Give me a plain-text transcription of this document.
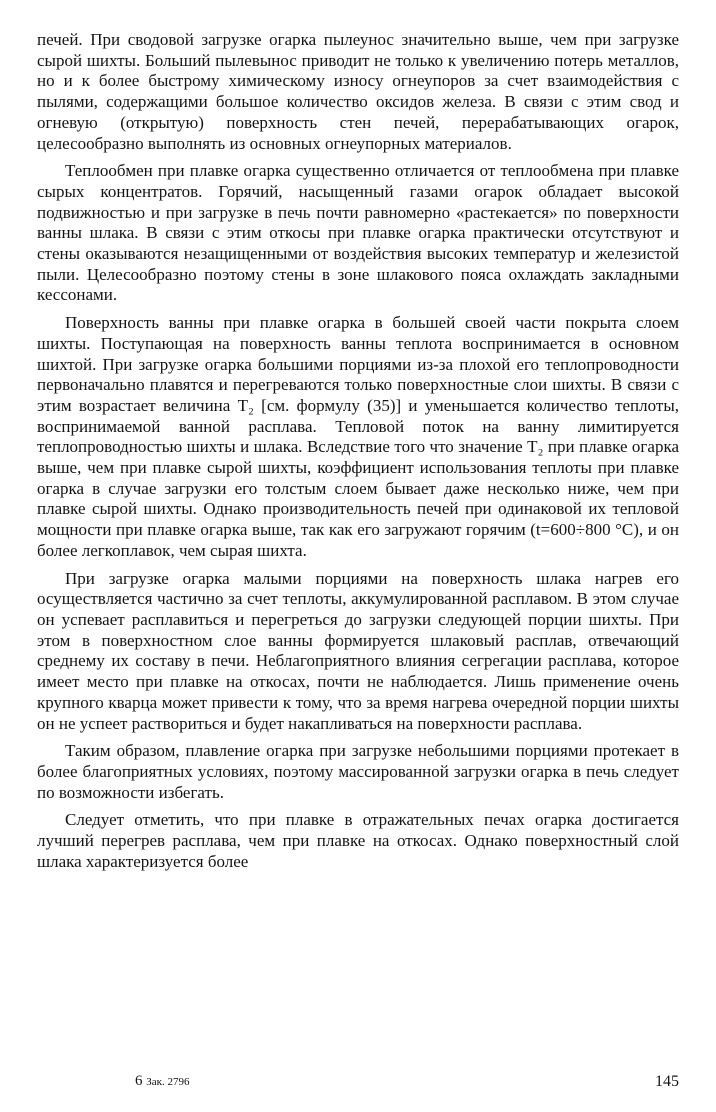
печей. При сводовой загрузке огарка пылеунос значительно выше, чем при загрузке сырой шихты. Больший пылевынос приводит не только к увеличению потерь металлов, но и к более быстрому химическому износу огнеупоров за счет взаимодействия с пылями, содержащими большое количество оксидов железа. В связи с этим свод и огневую (открытую) поверхность стен печей, перерабатывающих огарок, целесообразно выполнять из основных огнеупорных материалов.

Теплообмен при плавке огарка существенно отличается от теплообмена при плавке сырых концентратов. Горячий, насыщенный газами огарок обладает высокой подвижностью и при загрузке в печь почти равномерно «растекается» по поверхности ванны шлака. В связи с этим откосы при плавке огарка практически отсутствуют и стены оказываются незащищенными от воздействия высоких температур и железистой пыли. Целесообразно поэтому стены в зоне шлакового пояса охлаждать закладными кессонами.

Поверхность ванны при плавке огарка в большей своей части покрыта слоем шихты. Поступающая на поверхность ванны теплота воспринимается в основном шихтой. При загрузке огарка большими порциями из-за плохой его теплопроводности первоначально плавятся и перегреваются только поверхностные слои шихты. В связи с этим возрастает величина T₂ [см. формулу (35)] и уменьшается количество теплоты, воспринимаемой ванной расплава. Тепловой поток на ванну лимитируется теплопроводностью шихты и шлака. Вследствие того что значение T₂ при плавке огарка выше, чем при плавке сырой шихты, коэффициент использования теплоты при плавке огарка в случае загрузки его толстым слоем бывает даже несколько ниже, чем при плавке сырой шихты. Однако производительность печей при одинаковой их тепловой мощности при плавке огарка выше, так как его загружают горячим (t=600÷800 °C), и он более легкоплавок, чем сырая шихта.

При загрузке огарка малыми порциями на поверхность шлака нагрев его осуществляется частично за счет теплоты, аккумулированной расплавом. В этом случае он успевает расплавиться и перегреться до загрузки следующей порции шихты. При этом в поверхностном слое ванны формируется шлаковый расплав, отвечающий среднему их составу в печи. Неблагоприятного влияния сегрегации расплава, которое имеет место при плавке на откосах, почти не наблюдается. Лишь применение очень крупного кварца может привести к тому, что за время нагрева очередной порции шихты он не успеет раствориться и будет накапливаться на поверхности расплава.

Таким образом, плавление огарка при загрузке небольшими порциями протекает в более благоприятных условиях, поэтому массированной загрузки огарка в печь следует по возможности избегать.

Следует отметить, что при плавке в отражательных печах огарка достигается лучший перегрев расплава, чем при плавке на откосах. Однако поверхностный слой шлака характеризуется более

6 Зак. 2796	145
